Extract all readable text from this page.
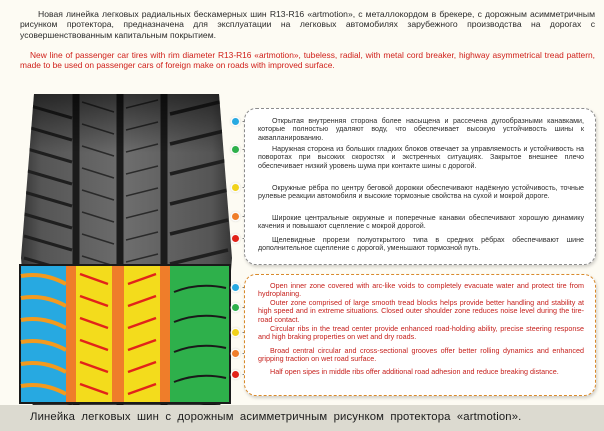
Новая линейка легковых радиальных бескамерных шин R13-R16 «artmotion», с металлокордом в брекере, с дорожным асимметричным рисунком протектора, предназначена для эксплуатации на легковых автомобилях зарубежного производства на дорогах с усовершенствованным капитальным покрытием.
New line of passenger car tires with rim diameter R13-R16 «artmotion», tubeless, radial, with metal cord breaker, highway asymmetrical tread pattern, made to be used on passenger cars of foreign make on roads with improved surface.
Открытая внутренняя сторона более насыщена и рассечена дугообразными канавками, которые полностью удаляют воду, что обеспечивает высокую устойчивость шины к аквапланированию.
Наружная сторона из больших гладких блоков отвечает за управляемость и устойчивость на поворотах при высоких скоростях и экстренных ситуациях. Закрытое внешнее плечо обеспечивает низкий уровень шума при контакте шины с дорогой.
Окружные рёбра по центру беговой дорожки обеспечивают надёжную устойчивость, точные рулевые реакции автомобиля и высокие тормозные свойства на сухой и мокрой дороге.
Широкие центральные окружные и поперечные канавки обеспечивают хорошую динамику качения и повышают сцепление с мокрой дорогой.
Щелевидные прорези полуоткрытого типа в средних рёбрах обеспечивают шине дополнительное сцепление с дорогой, уменьшают тормозной путь.
Open inner zone covered with arc-like voids to completely evacuate water and protect tire from hydroplaning.
Outer zone comprised of large smooth tread blocks helps provide better handling and stability at high speed and in extreme situations. Closed outer shoulder zone reduces noise level during the tire-road contact.
Circular ribs in the tread center provide enhanced road-holding ability, precise steering response and high braking properties on wet and dry roads.
Broad central circular and cross-sectional grooves offer better rolling dynamics and enhanced gripping traction on wet road surface.
Half open sipes in middle ribs offer additional road adhesion and reduce breaking distance.
Линейка легковых шин с дорожным асимметричным рисунком протектора «artmotion».
